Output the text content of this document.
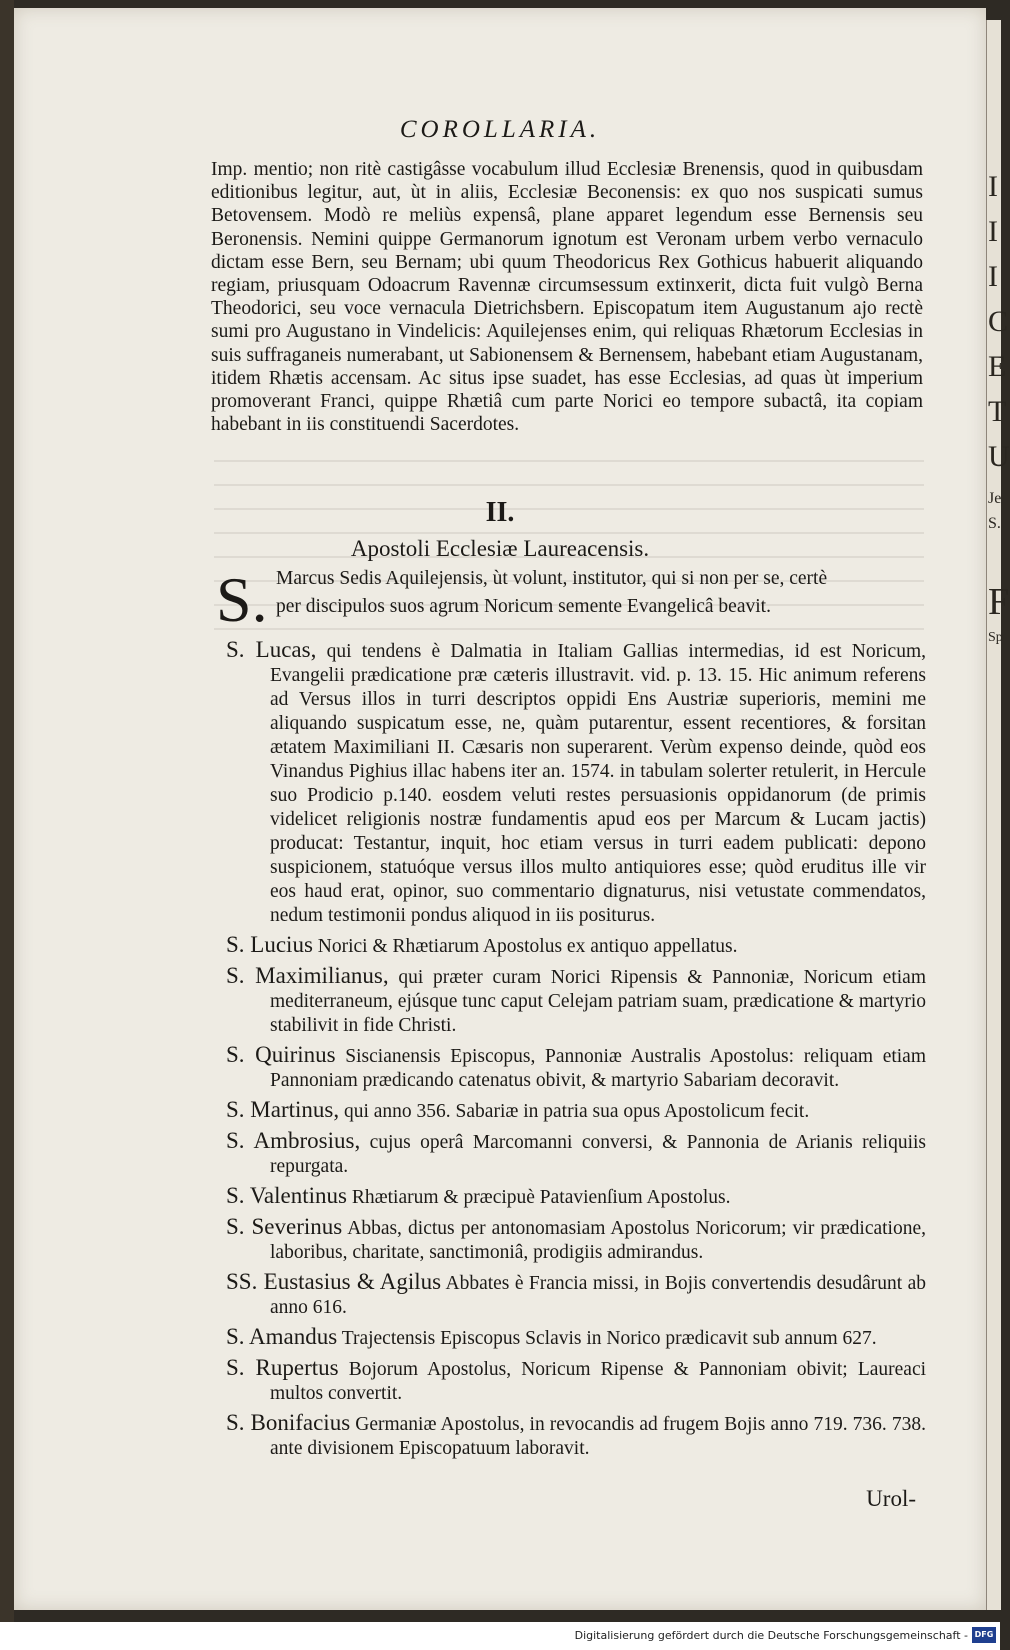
COROLLARIA.
Imp. mentio; non ritè castigâsse vocabulum illud Ecclesiæ Brenensis, quod in quibusdam editionibus legitur, aut, ùt in aliis, Ecclesiæ Beconensis: ex quo nos suspicati sumus Betovensem. Modò re meliùs expensâ, plane apparet legendum esse Bernensis seu Beronensis. Nemini quippe Germanorum ignotum est Veronam urbem verbo vernaculo dictam esse Bern, seu Bernam; ubi quum Theodoricus Rex Gothicus habuerit aliquando regiam, priusquam Odoacrum Ravennæ circumsessum extinxerit, dicta fuit vulgò Berna Theodorici, seu voce vernacula Dietrichsbern. Episcopatum item Augustanum ajo rectè sumi pro Augustano in Vindelicis: Aquilejenses enim, qui reliquas Rhætorum Ecclesias in suis suffraganeis numerabant, ut Sabionensem & Bernensem, habebant etiam Augustanam, itidem Rhætis accensam. Ac situs ipse suadet, has esse Ecclesias, ad quas ùt imperium promoverant Franci, quippe Rhætiâ cum parte Norici eo tempore subactâ, ita copiam habebant in iis constituendi Sacerdotes.
II.
Apostoli Ecclesiæ Laureacensis.
S. Marcus Sedis Aquilejensis, ùt volunt, institutor, qui si non per se, certè
per discipulos suos agrum Noricum semente Evangelicâ beavit.
S. Lucas, qui tendens è Dalmatia in Italiam Gallias intermedias, id est Noricum, Evangelii prædicatione præ cæteris illustravit. vid. p. 13. 15. Hic animum referens ad Versus illos in turri descriptos oppidi Ens Austriæ superioris, memini me aliquando suspicatum esse, ne, quàm putarentur, essent recentiores, & forsitan ætatem Maximiliani II. Cæsaris non superarent. Verùm expenso deinde, quòd eos Vinandus Pighius illac habens iter an. 1574. in tabulam solerter retulerit, in Hercule suo Prodicio p.140. eosdem veluti restes persuasionis oppidanorum (de primis videlicet religionis nostræ fundamentis apud eos per Marcum & Lucam jactis) producat: Testantur, inquit, hoc etiam versus in turri eadem publicati: depono suspicionem, statuóque versus illos multo antiquiores esse; quòd eruditus ille vir eos haud erat, opinor, suo commentario dignaturus, nisi vetustate commendatos, nedum testimonii pondus aliquod in iis positurus.
S. Lucius Norici & Rhætiarum Apostolus ex antiquo appellatus.
S. Maximilianus, qui præter curam Norici Ripensis & Pannoniæ, Noricum etiam mediterraneum, ejúsque tunc caput Celejam patriam suam, prædicatione & martyrio stabilivit in fide Christi.
S. Quirinus Siscianensis Episcopus, Pannoniæ Australis Apostolus: reliquam etiam Pannoniam prædicando catenatus obivit, & martyrio Sabariam decoravit.
S. Martinus, qui anno 356. Sabariæ in patria sua opus Apostolicum fecit.
S. Ambrosius, cujus operâ Marcomanni conversi, & Pannonia de Arianis reliquiis repurgata.
S. Valentinus Rhætiarum & præcipuè Patavienſium Apostolus.
S. Severinus Abbas, dictus per antonomasiam Apostolus Noricorum; vir prædicatione, laboribus, charitate, sanctimoniâ, prodigiis admirandus.
SS. Eustasius & Agilus Abbates è Francia missi, in Bojis convertendis desudârunt ab anno 616.
S. Amandus Trajectensis Episcopus Sclavis in Norico prædicavit sub annum 627.
S. Rupertus Bojorum Apostolus, Noricum Ripense & Pannoniam obivit; Laureaci multos convertit.
S. Bonifacius Germaniæ Apostolus, in revocandis ad frugem Bojis anno 719. 736. 738. ante divisionem Episcopatuum laboravit.
Urol-
I
I
I
C
E
T
U
Je
S.
F
Sp
Digitalisierung gefördert durch die Deutsche Forschungsgemeinschaft - DFG
